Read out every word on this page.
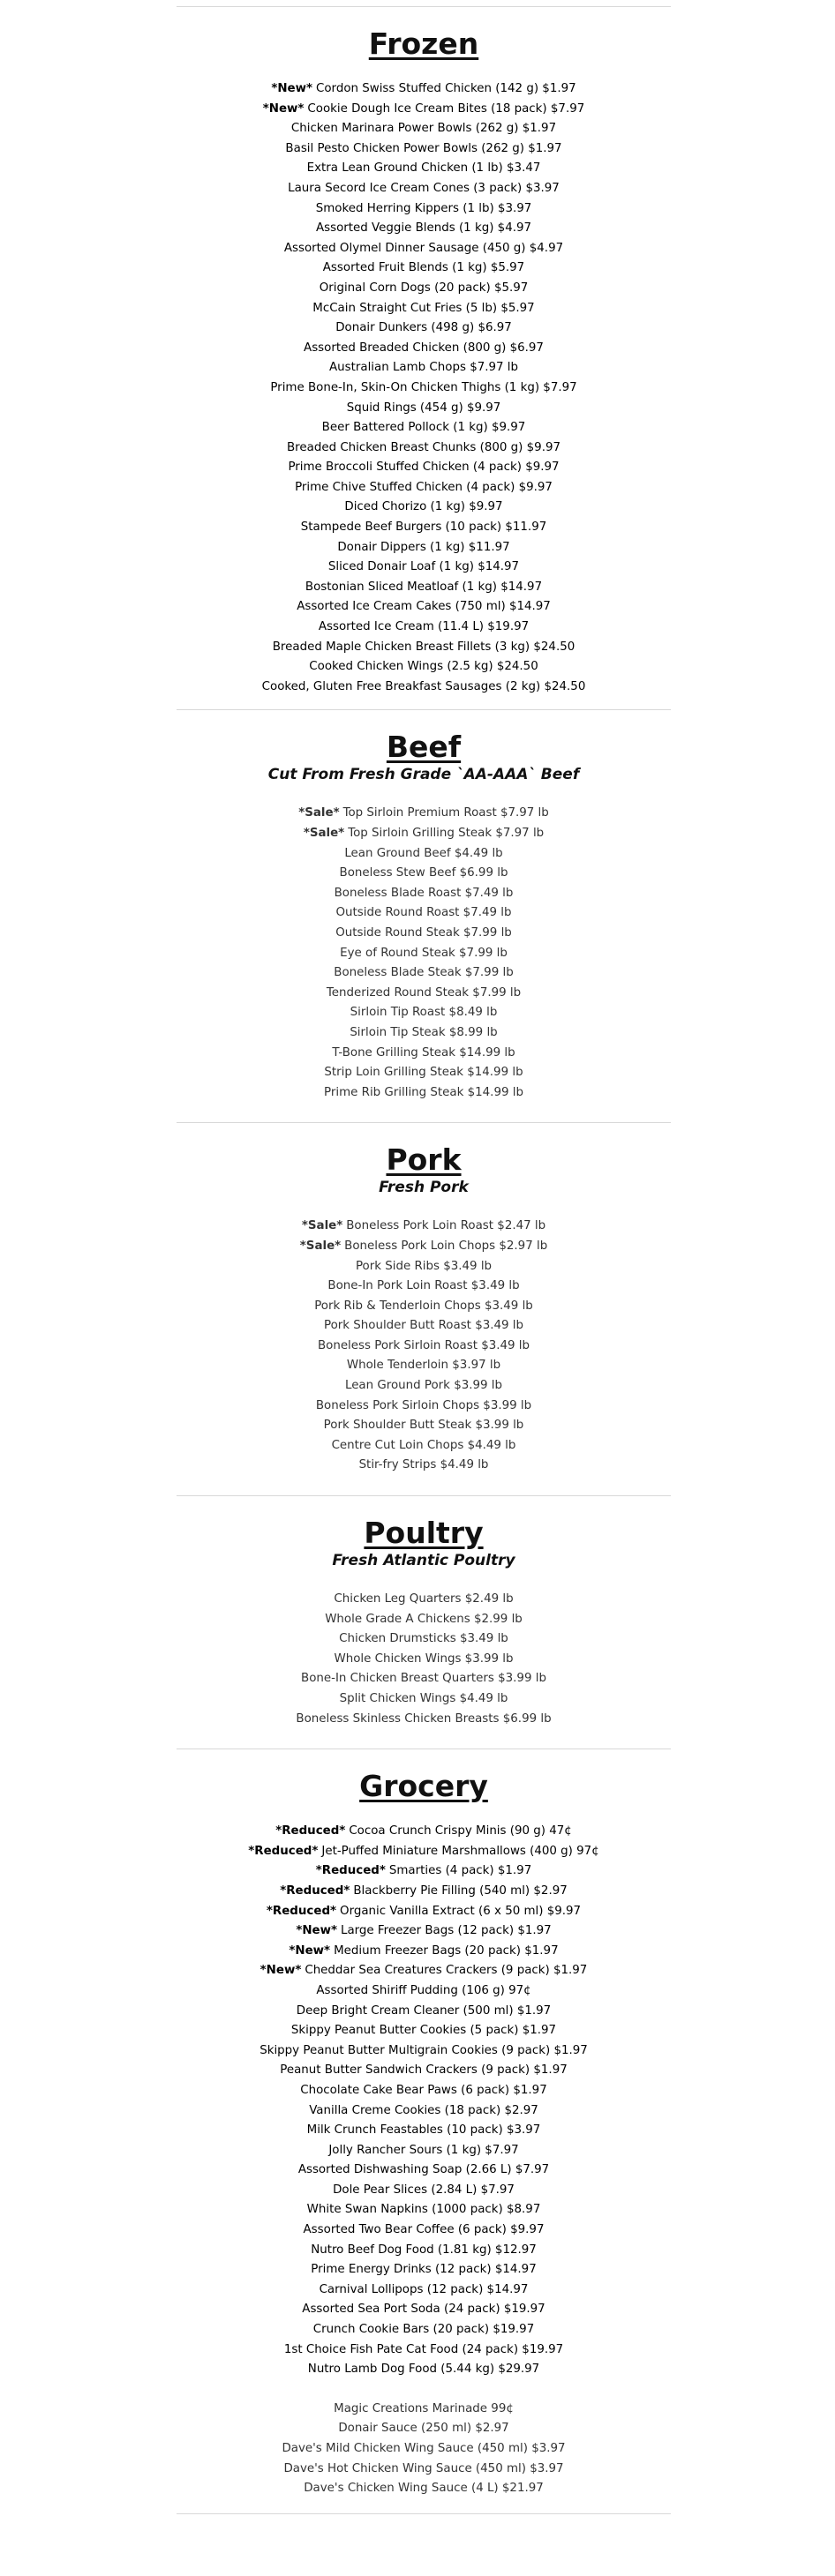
Frozen
*New* Cordon Swiss Stuffed Chicken (142 g) $1.97
*New* Cookie Dough Ice Cream Bites (18 pack) $7.97
Chicken Marinara Power Bowls (262 g) $1.97
Basil Pesto Chicken Power Bowls (262 g) $1.97
Extra Lean Ground Chicken (1 lb) $3.47
Laura Secord Ice Cream Cones (3 pack) $3.97
Smoked Herring Kippers (1 lb) $3.97
Assorted Veggie Blends (1 kg) $4.97
Assorted Olymel Dinner Sausage (450 g) $4.97
Assorted Fruit Blends (1 kg) $5.97
Original Corn Dogs (20 pack) $5.97
McCain Straight Cut Fries (5 lb) $5.97
Donair Dunkers (498 g) $6.97
Assorted Breaded Chicken (800 g) $6.97
Australian Lamb Chops $7.97 lb
Prime Bone-In, Skin-On Chicken Thighs (1 kg) $7.97
Squid Rings (454 g) $9.97
Beer Battered Pollock (1 kg) $9.97
Breaded Chicken Breast Chunks (800 g) $9.97
Prime Broccoli Stuffed Chicken (4 pack) $9.97
Prime Chive Stuffed Chicken (4 pack) $9.97
Diced Chorizo (1 kg) $9.97
Stampede Beef Burgers (10 pack) $11.97
Donair Dippers (1 kg) $11.97
Sliced Donair Loaf (1 kg) $14.97
Bostonian Sliced Meatloaf (1 kg) $14.97
Assorted Ice Cream Cakes (750 ml) $14.97
Assorted Ice Cream (11.4 L) $19.97
Breaded Maple Chicken Breast Fillets (3 kg) $24.50
Cooked Chicken Wings (2.5 kg) $24.50
Cooked, Gluten Free Breakfast Sausages (2 kg) $24.50
Beef

Cut From Fresh Grade `AA-AAA` Beef

*Sale* Top Sirloin Premium Roast $7.97 lb
*Sale* Top Sirloin Grilling Steak $7.97 lb
Lean Ground Beef $4.49 lb
Boneless Stew Beef $6.99 lb
Boneless Blade Roast $7.49 lb
Outside Round Roast $7.49 lb
Outside Round Steak $7.99 lb
Eye of Round Steak $7.99 lb
Boneless Blade Steak $7.99 lb
Tenderized Round Steak $7.99 lb
Sirloin Tip Roast $8.49 lb
Sirloin Tip Steak $8.99 lb
T-Bone Grilling Steak $14.99 lb
Strip Loin Grilling Steak $14.99 lb
Prime Rib Grilling Steak $14.99 lb
Pork

Fresh Pork

*Sale* Boneless Pork Loin Roast $2.47 lb
*Sale* Boneless Pork Loin Chops $2.97 lb
Pork Side Ribs $3.49 lb
Bone-In Pork Loin Roast $3.49 lb
Pork Rib & Tenderloin Chops $3.49 lb
Pork Shoulder Butt Roast $3.49 lb
Boneless Pork Sirloin Roast $3.49 lb
Whole Tenderloin $3.97 lb
Lean Ground Pork $3.99 lb
Boneless Pork Sirloin Chops $3.99 lb
Pork Shoulder Butt Steak $3.99 lb
Centre Cut Loin Chops $4.49 lb
Stir-fry Strips $4.49 lb
Poultry

Fresh Atlantic Poultry

Chicken Leg Quarters $2.49 lb
Whole Grade A Chickens $2.99 lb
Chicken Drumsticks $3.49 lb
Whole Chicken Wings $3.99 lb
Bone-In Chicken Breast Quarters $3.99 lb
Split Chicken Wings $4.49 lb
Boneless Skinless Chicken Breasts $6.99 lb
Grocery
*Reduced* Cocoa Crunch Crispy Minis (90 g) 47¢
*Reduced* Jet-Puffed Miniature Marshmallows (400 g) 97¢
*Reduced* Smarties (4 pack) $1.97
*Reduced* Blackberry Pie Filling (540 ml) $2.97
*Reduced* Organic Vanilla Extract (6 x 50 ml) $9.97
*New* Large Freezer Bags (12 pack) $1.97
*New* Medium Freezer Bags (20 pack) $1.97
*New* Cheddar Sea Creatures Crackers (9 pack) $1.97
Assorted Shiriff Pudding (106 g) 97¢
Deep Bright Cream Cleaner (500 ml) $1.97
Skippy Peanut Butter Cookies (5 pack) $1.97
Skippy Peanut Butter Multigrain Cookies (9 pack) $1.97
Peanut Butter Sandwich Crackers (9 pack) $1.97
Chocolate Cake Bear Paws (6 pack) $1.97
Vanilla Creme Cookies (18 pack) $2.97
Milk Crunch Feastables (10 pack) $3.97
Jolly Rancher Sours (1 kg) $7.97
Assorted Dishwashing Soap (2.66 L) $7.97
Dole Pear Slices (2.84 L) $7.97
White Swan Napkins (1000 pack) $8.97
Assorted Two Bear Coffee (6 pack) $9.97
Nutro Beef Dog Food (1.81 kg) $12.97
Prime Energy Drinks (12 pack) $14.97
Carnival Lollipops (12 pack) $14.97
Assorted Sea Port Soda (24 pack) $19.97
Crunch Cookie Bars (20 pack) $19.97
1st Choice Fish Pate Cat Food (24 pack) $19.97
Nutro Lamb Dog Food (5.44 kg) $29.97
Magic Creations Marinade 99¢
Donair Sauce (250 ml) $2.97
Dave's Mild Chicken Wing Sauce (450 ml) $3.97
Dave's Hot Chicken Wing Sauce (450 ml) $3.97
Dave's Chicken Wing Sauce (4 L) $21.97
